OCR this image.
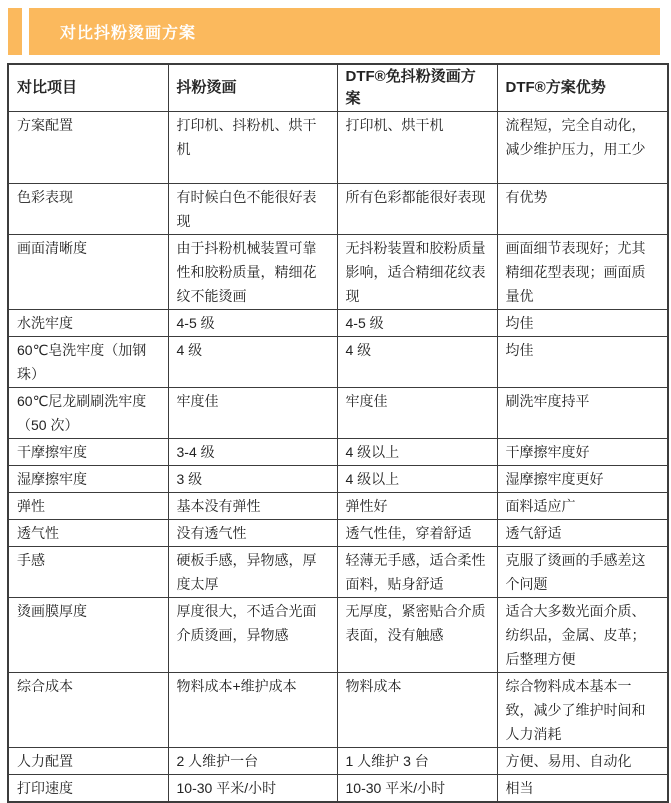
对比抖粉烫画方案
对比项目	抖粉烫画	DTF®免抖粉烫画方案	DTF®方案优势
方案配置	打印机、抖粉机、烘干机	打印机、烘干机	流程短，完全自动化，减少维护压力，用工少
色彩表现	有时候白色不能很好表现	所有色彩都能很好表现	有优势
画面清晰度	由于抖粉机械装置可靠性和胶粉质量，精细花纹不能烫画	无抖粉装置和胶粉质量影响，适合精细花纹表现	画面细节表现好；尤其精细花型表现；画面质量优
水洗牢度	4-5 级	4-5 级	均佳
60℃皂洗牢度（加钢珠）	4 级	4 级	均佳
60℃尼龙刷刷洗牢度（50 次）	牢度佳	牢度佳	刷洗牢度持平
干摩擦牢度	3-4 级	4 级以上	干摩擦牢度好
湿摩擦牢度	3 级	4 级以上	湿摩擦牢度更好
弹性	基本没有弹性	弹性好	面料适应广
透气性	没有透气性	透气性佳，穿着舒适	透气舒适
手感	硬板手感，异物感，厚度太厚	轻薄无手感，适合柔性面料，贴身舒适	克服了烫画的手感差这个问题
烫画膜厚度	厚度很大，不适合光面介质烫画，异物感	无厚度，紧密贴合介质表面，没有触感	适合大多数光面介质、纺织品，金属、皮革；后整理方便
综合成本	物料成本+维护成本	物料成本	综合物料成本基本一致，减少了维护时间和人力消耗
人力配置	2 人维护一台	1 人维护 3 台	方便、易用、自动化
打印速度	10-30 平米/小时	10-30 平米/小时	相当
